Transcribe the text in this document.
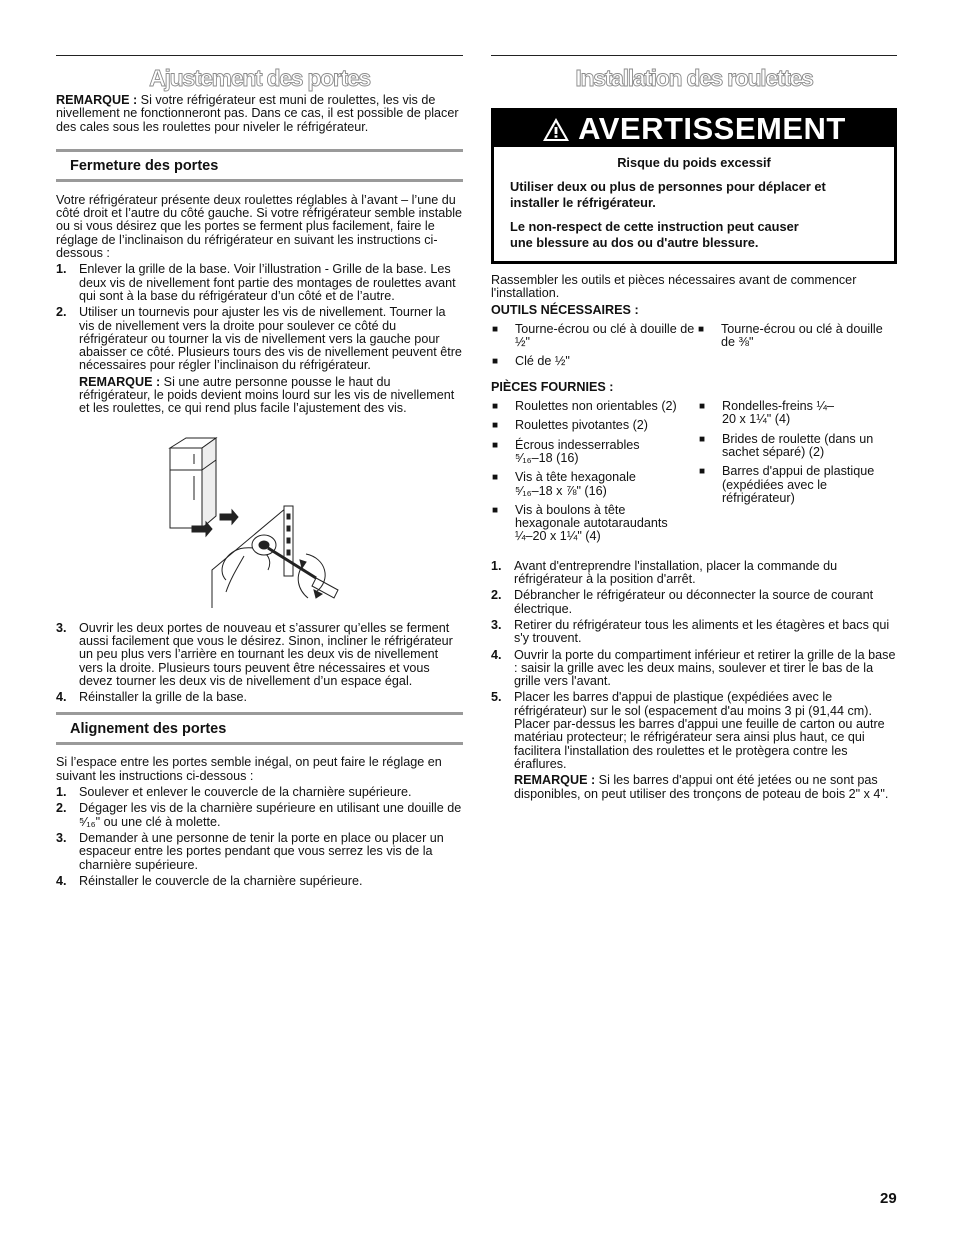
Ajustement des portes

REMARQUE : Si votre réfrigérateur est muni de roulettes, les vis de nivellement ne fonctionneront pas. Dans ce cas, il est possible de placer des cales sous les roulettes pour niveler le réfrigérateur.

Fermeture des portes

Votre réfrigérateur présente deux roulettes réglables à l’avant – l’une du côté droit et l’autre du côté gauche. Si votre réfrigérateur semble instable ou si vous désirez que les portes se ferment plus facilement, faire le réglage de l’inclinaison du réfrigérateur en suivant les instructions ci-dessous :

1. Enlever la grille de la base. Voir l’illustration - Grille de la base. Les deux vis de nivellement font partie des montages de roulettes avant qui sont à la base du réfrigérateur d’un côté et de l’autre.
2. Utiliser un tournevis pour ajuster les vis de nivellement. Tourner la vis de nivellement vers la droite pour soulever ce côté du réfrigérateur ou tourner la vis de nivellement vers la gauche pour abaisser ce côté. Plusieurs tours des vis de nivellement peuvent être nécessaires pour régler l’inclinaison du réfrigérateur.

REMARQUE : Si une autre personne pousse le haut du réfrigérateur, le poids devient moins lourd sur les vis de nivellement et les roulettes, ce qui rend plus facile l’ajustement des vis.

3. Ouvrir les deux portes de nouveau et s’assurer qu’elles se ferment aussi facilement que vous le désirez. Sinon, incliner le réfrigérateur un peu plus vers l’arrière en tournant les deux vis de nivellement vers la droite. Plusieurs tours peuvent être nécessaires et vous devez tourner les deux vis de nivellement d’un espace égal.
4. Réinstaller la grille de la base.
Alignement des portes

Si l’espace entre les portes semble inégal, on peut faire le réglage en suivant les instructions ci-dessous :

1. Soulever et enlever le couvercle de la charnière supérieure.
2. Dégager les vis de la charnière supérieure en utilisant une douille de ⁵⁄₁₆" ou une clé à molette.
3. Demander à une personne de tenir la porte en place ou placer un espaceur entre les portes pendant que vous serrez les vis de la charnière supérieure.
4. Réinstaller le couvercle de la charnière supérieure.
Installation des roulettes
AVERTISSEMENT
Risque du poids excessif

Utiliser deux ou plus de personnes pour déplacer et installer le réfrigérateur.

Le non-respect de cette instruction peut causer une blessure au dos ou d'autre blessure.

Rassembler les outils et pièces nécessaires avant de commencer l'installation.

OUTILS NÉCESSAIRES :

■ Tourne-écrou ou clé à douille de ½"
■ Clé de ½"
■ Tourne-écrou ou clé à douille de ⅜"

PIÈCES FOURNIES :

■ Roulettes non orientables (2)
■ Roulettes pivotantes (2)
■ Écrous indesserrables ⁵⁄₁₆–18 (16)
■ Vis à tête hexagonale ⁵⁄₁₆–18 x ⅞" (16)
■ Vis à boulons à tête hexagonale autotaraudants ¼–20 x 1¼" (4)
■ Rondelles-freins ¼–20 x 1¼" (4)
■ Brides de roulette (dans un sachet séparé) (2)
■ Barres d'appui de plastique (expédiées avec le réfrigérateur)
1. Avant d'entreprendre l'installation, placer la commande du réfrigérateur à la position d'arrêt.
2. Débrancher le réfrigérateur ou déconnecter la source de courant électrique.
3. Retirer du réfrigérateur tous les aliments et les étagères et bacs qui s'y trouvent.
4. Ouvrir la porte du compartiment inférieur et retirer la grille de la base : saisir la grille avec les deux mains, soulever et tirer le bas de la grille vers l'avant.
5. Placer les barres d'appui de plastique (expédiées avec le réfrigérateur) sur le sol (espacement d'au moins 3 pi (91,44 cm). Placer par-dessus les barres d'appui une feuille de carton ou autre matériau protecteur; le réfrigérateur sera ainsi plus haut, ce qui facilitera l'installation des roulettes et le protègera contre les éraflures.

REMARQUE : Si les barres d'appui ont été jetées ou ne sont pas disponibles, on peut utiliser des tronçons de poteau de bois 2" x 4".

29
